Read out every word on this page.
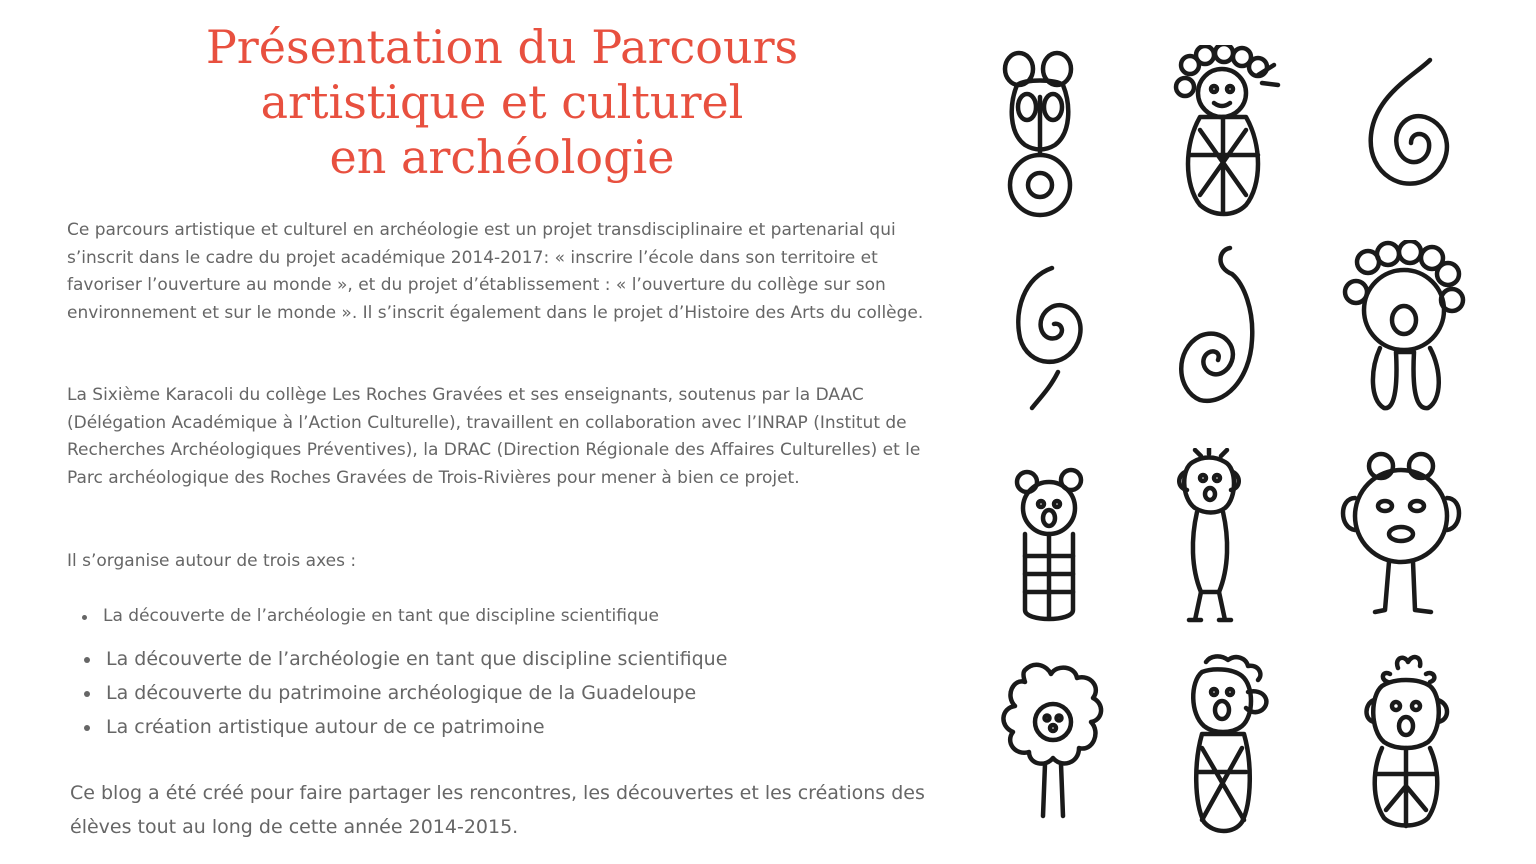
Présentation du Parcours
artistique et culturel
en archéologie

Ce parcours artistique et culturel en archéologie est un projet transdisciplinaire et partenarial qui s’inscrit dans le cadre du projet académique 2014-2017: « inscrire l’école dans son territoire et favoriser l’ouverture au monde », et du projet d’établissement : « l’ouverture du collège sur son environnement et sur le monde ». Il s’inscrit également dans le projet d’Histoire des Arts du collège.

La Sixième Karacoli du collège Les Roches Gravées et ses enseignants, soutenus par la DAAC (Délégation Académique à l’Action Culturelle), travaillent en collaboration avec l’INRAP (Institut de Recherches Archéologiques Préventives), la DRAC (Direction Régionale des Affaires Culturelles) et le Parc archéologique des Roches Gravées de Trois-Rivières pour mener à bien ce projet.

Il s’organise autour de trois axes :

La découverte de l’archéologie en tant que discipline scientifique
La découverte de l’archéologie en tant que discipline scientifique
La découverte du patrimoine archéologique de la Guadeloupe
La création artistique autour de ce patrimoine

Ce blog a été créé pour faire partager les rencontres, les découvertes et les créations des élèves tout au long de cette année 2014-2015.
